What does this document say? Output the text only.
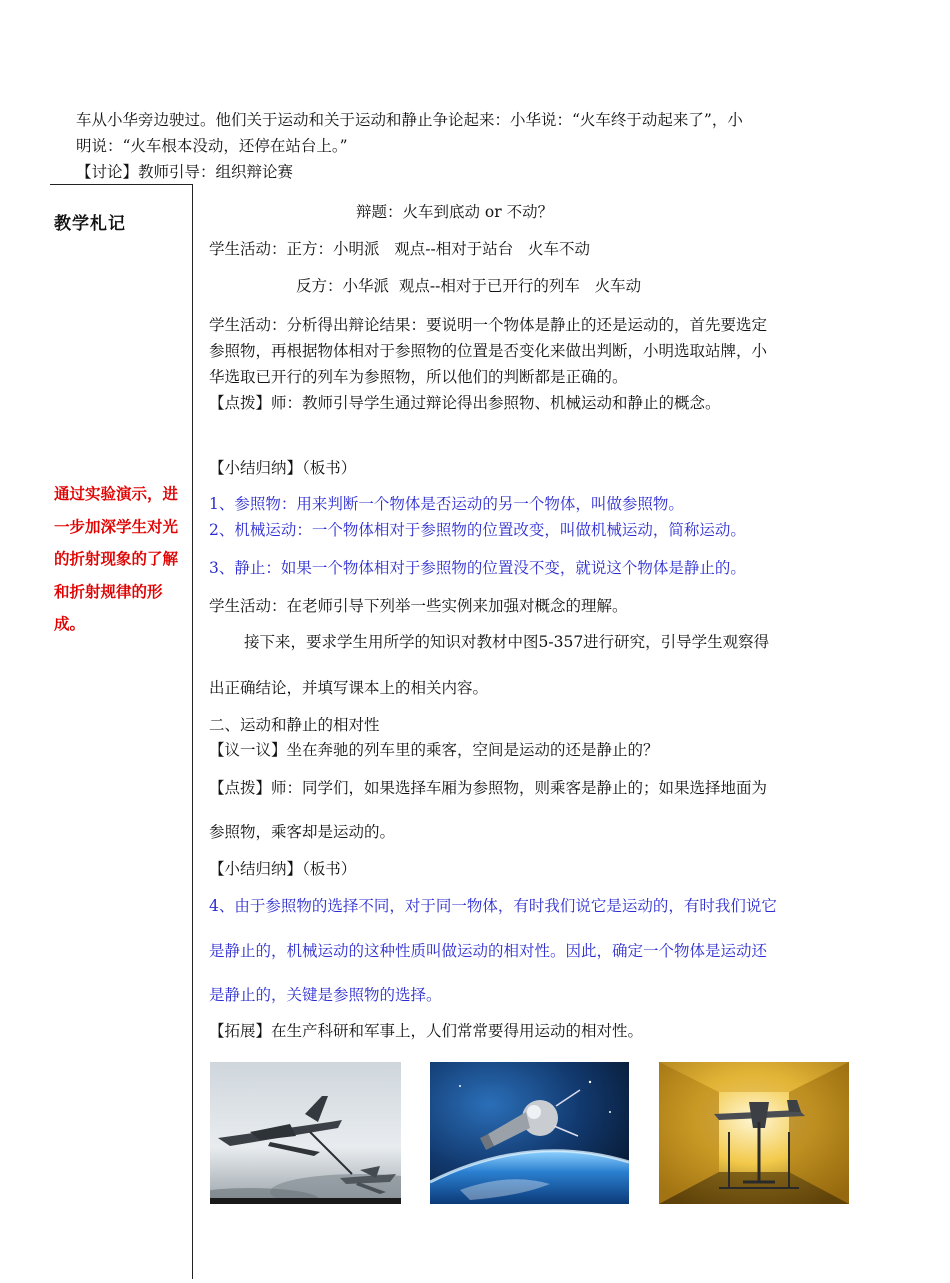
车从小华旁边驶过。他们关于运动和关于运动和静止争论起来：小华说：“火车终于动起来了”，小
明说：“火车根本没动，还停在站台上。”
【讨论】教师引导：组织辩论赛
教学札记
通过实验演示，进一步加深学生对光的折射现象的了解和折射规律的形成。
辩题：火车到底动 or 不动？
学生活动：正方：小明派   观点--相对于站台   火车不动
反方：小华派  观点--相对于已开行的列车   火车动
学生活动：分析得出辩论结果：要说明一个物体是静止的还是运动的，首先要选定
参照物，再根据物体相对于参照物的位置是否变化来做出判断，小明选取站牌，小
华选取已开行的列车为参照物，所以他们的判断都是正确的。
【点拨】师：教师引导学生通过辩论得出参照物、机械运动和静止的概念。
【小结归纳】（板书）
1、参照物：用来判断一个物体是否运动的另一个物体，叫做参照物。
2、机械运动：一个物体相对于参照物的位置改变，叫做机械运动，简称运动。
3、静止：如果一个物体相对于参照物的位置没不变，就说这个物体是静止的。
学生活动：在老师引导下列举一些实例来加强对概念的理解。
接下来，要求学生用所学的知识对教材中图5-357进行研究，引导学生观察得
出正确结论，并填写课本上的相关内容。
二、运动和静止的相对性
【议一议】坐在奔驰的列车里的乘客，空间是运动的还是静止的？
【点拨】师：同学们，如果选择车厢为参照物，则乘客是静止的；如果选择地面为
参照物，乘客却是运动的。
【小结归纳】（板书）
4、由于参照物的选择不同，对于同一物体，有时我们说它是运动的，有时我们说它
是静止的，机械运动的这种性质叫做运动的相对性。因此，确定一个物体是运动还
是静止的，关键是参照物的选择。
【拓展】在生产科研和军事上，人们常常要得用运动的相对性。
